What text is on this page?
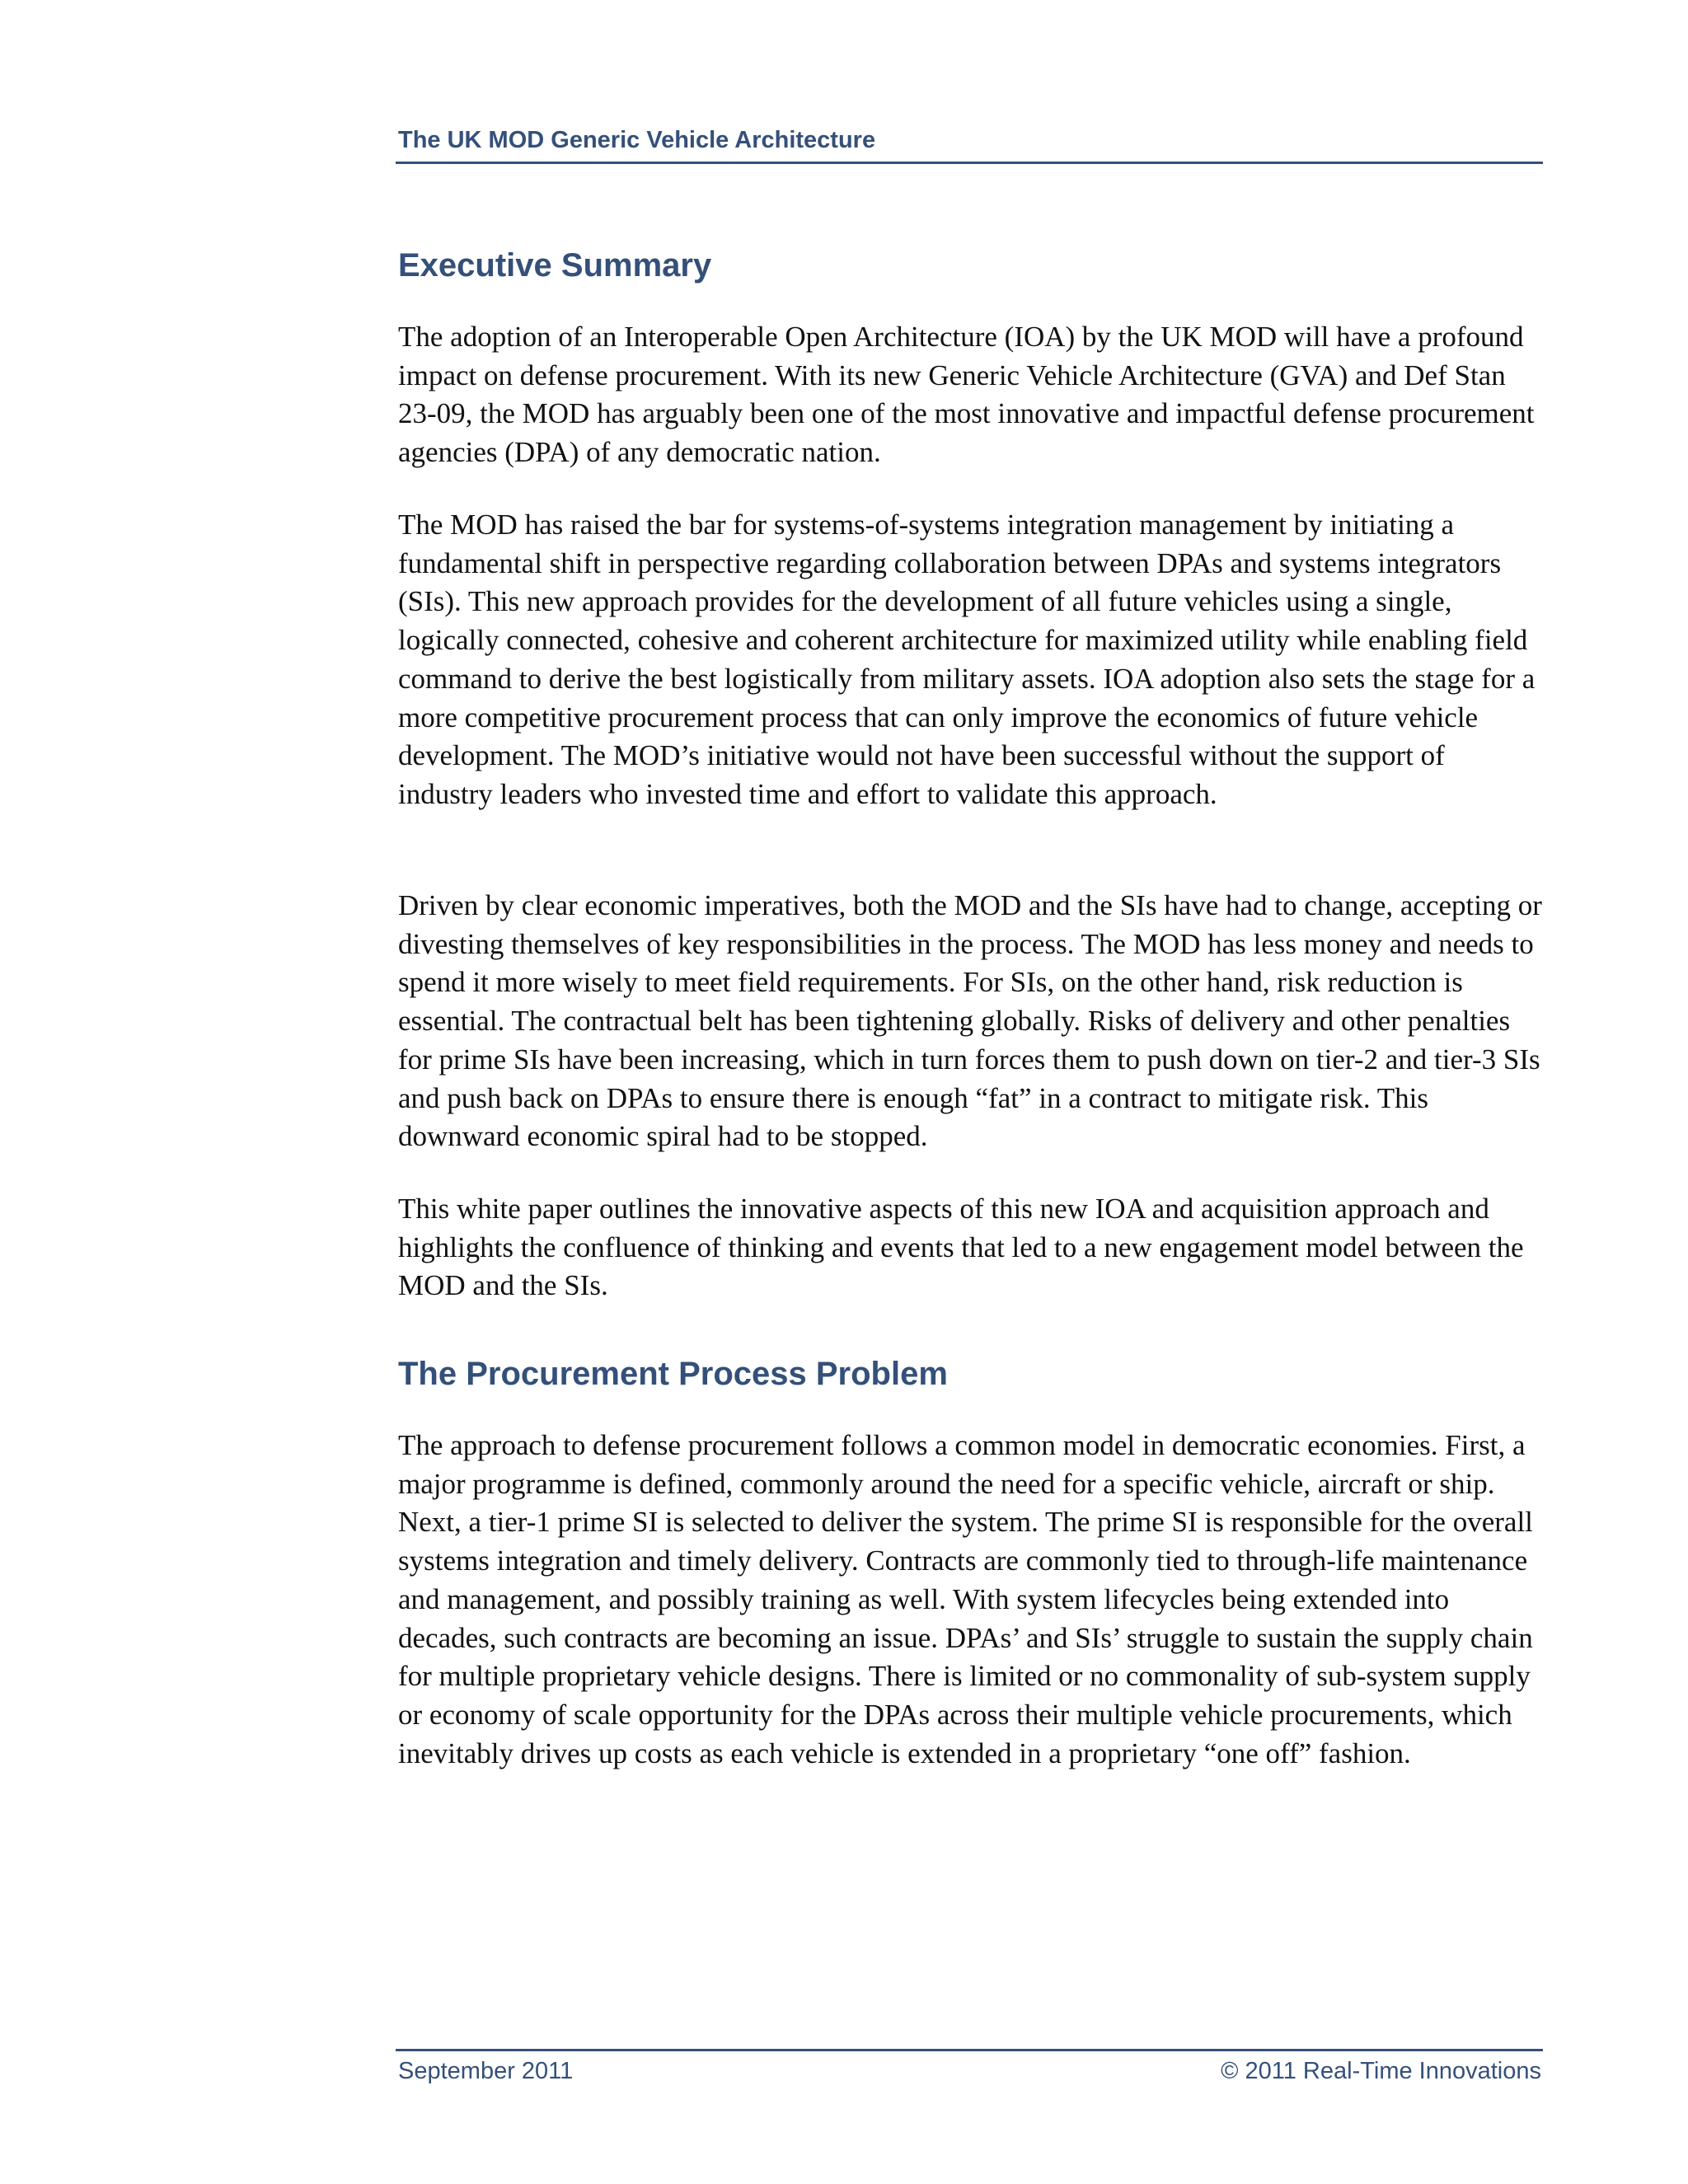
The UK MOD Generic Vehicle Architecture
Executive Summary

The adoption of an Interoperable Open Architecture (IOA) by the UK MOD will have a profound impact on defense procurement. With its new Generic Vehicle Architecture (GVA) and Def Stan 23-09, the MOD has arguably been one of the most innovative and impactful defense procurement agencies (DPA) of any democratic nation.

The MOD has raised the bar for systems-of-systems integration management by initiating a fundamental shift in perspective regarding collaboration between DPAs and systems integrators (SIs). This new approach provides for the development of all future vehicles using a single, logically connected, cohesive and coherent architecture for maximized utility while enabling field command to derive the best logistically from military assets. IOA adoption also sets the stage for a more competitive procurement process that can only improve the economics of future vehicle development. The MOD’s initiative would not have been successful without the support of industry leaders who invested time and effort to validate this approach.

Driven by clear economic imperatives, both the MOD and the SIs have had to change, accepting or divesting themselves of key responsibilities in the process. The MOD has less money and needs to spend it more wisely to meet field requirements. For SIs, on the other hand, risk reduction is essential. The contractual belt has been tightening globally. Risks of delivery and other penalties for prime SIs have been increasing, which in turn forces them to push down on tier-2 and tier-3 SIs and push back on DPAs to ensure there is enough “fat” in a contract to mitigate risk. This downward economic spiral had to be stopped.

This white paper outlines the innovative aspects of this new IOA and acquisition approach and highlights the confluence of thinking and events that led to a new engagement model between the MOD and the SIs.

The Procurement Process Problem

The approach to defense procurement follows a common model in democratic economies. First, a major programme is defined, commonly around the need for a specific vehicle, aircraft or ship. Next, a tier-1 prime SI is selected to deliver the system. The prime SI is responsible for the overall systems integration and timely delivery. Contracts are commonly tied to through-life maintenance and management, and possibly training as well. With system lifecycles being extended into decades, such contracts are becoming an issue. DPAs’ and SIs’ struggle to sustain the supply chain for multiple proprietary vehicle designs. There is limited or no commonality of sub-system supply or economy of scale opportunity for the DPAs across their multiple vehicle procurements, which inevitably drives up costs as each vehicle is extended in a proprietary “one off” fashion.

September 2011	© 2011 Real-Time Innovations
